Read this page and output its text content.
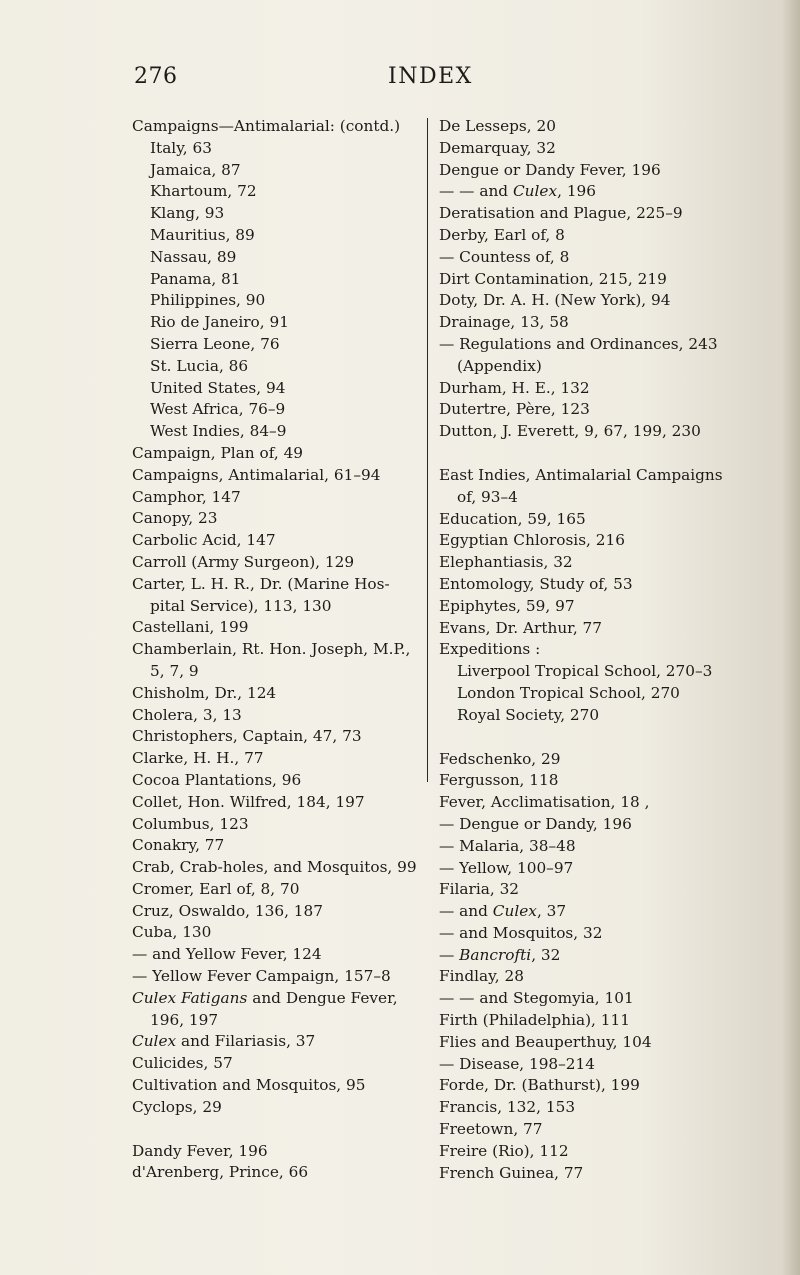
276	INDEX
Campaigns—Antimalarial: (contd.)
Italy, 63
Jamaica, 87
Khartoum, 72
Klang, 93
Mauritius, 89
Nassau, 89
Panama, 81
Philippines, 90
Rio de Janeiro, 91
Sierra Leone, 76
St. Lucia, 86
United States, 94
West Africa, 76–9
West Indies, 84–9
Campaign, Plan of, 49
Campaigns, Antimalarial, 61–94
Camphor, 147
Canopy, 23
Carbolic Acid, 147
Carroll (Army Surgeon), 129
Carter, L. H. R., Dr. (Marine Hos-pital Service), 113, 130
Castellani, 199
Chamberlain, Rt. Hon. Joseph, M.P., 5, 7, 9
Chisholm, Dr., 124
Cholera, 3, 13
Christophers, Captain, 47, 73
Clarke, H. H., 77
Cocoa Plantations, 96
Collet, Hon. Wilfred, 184, 197
Columbus, 123
Conakry, 77
Crab, Crab-holes, and Mosquitos, 99
Cromer, Earl of, 8, 70
Cruz, Oswaldo, 136, 187
Cuba, 130
— and Yellow Fever, 124
— Yellow Fever Campaign, 157–8
Culex Fatigans and Dengue Fever, 196, 197
Culex and Filariasis, 37
Culicides, 57
Cultivation and Mosquitos, 95
Cyclops, 29
Dandy Fever, 196
d'Arenberg, Prince, 66
De Lesseps, 20
Demarquay, 32
Dengue or Dandy Fever, 196
— — and Culex, 196
Deratisation and Plague, 225–9
Derby, Earl of, 8
— Countess of, 8
Dirt Contamination, 215, 219
Doty, Dr. A. H. (New York), 94
Drainage, 13, 58
— Regulations and Ordinances, 243 (Appendix)
Durham, H. E., 132
Dutertre, Père, 123
Dutton, J. Everett, 9, 67, 199, 230
East Indies, Antimalarial Campaigns of, 93–4
Education, 59, 165
Egyptian Chlorosis, 216
Elephantiasis, 32
Entomology, Study of, 53
Epiphytes, 59, 97
Evans, Dr. Arthur, 77
Expeditions :
Liverpool Tropical School, 270–3
London Tropical School, 270
Royal Society, 270
Fedschenko, 29
Fergusson, 118
Fever, Acclimatisation, 18 ,
— Dengue or Dandy, 196
— Malaria, 38–48
— Yellow, 100–97
Filaria, 32
— and Culex, 37
— and Mosquitos, 32
— Bancrofti, 32
Findlay, 28
— — and Stegomyia, 101
Firth (Philadelphia), 111
Flies and Beauperthuy, 104
— Disease, 198–214
Forde, Dr. (Bathurst), 199
Francis, 132, 153
Freetown, 77
Freire (Rio), 112
French Guinea, 77
